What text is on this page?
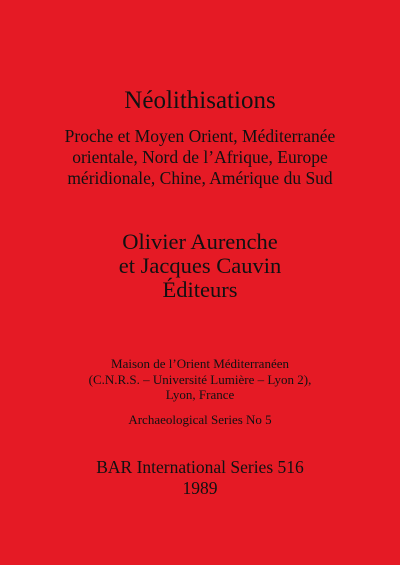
Néolithisations
Proche et Moyen Orient, Méditerranée
orientale, Nord de l’Afrique, Europe
méridionale, Chine, Amérique du Sud
Olivier Aurenche
et Jacques Cauvin
Éditeurs
Maison de l’Orient Méditerranéen
(C.N.R.S. – Université Lumière – Lyon 2),
Lyon, France
Archaeological Series No 5
BAR International Series 516
1989
